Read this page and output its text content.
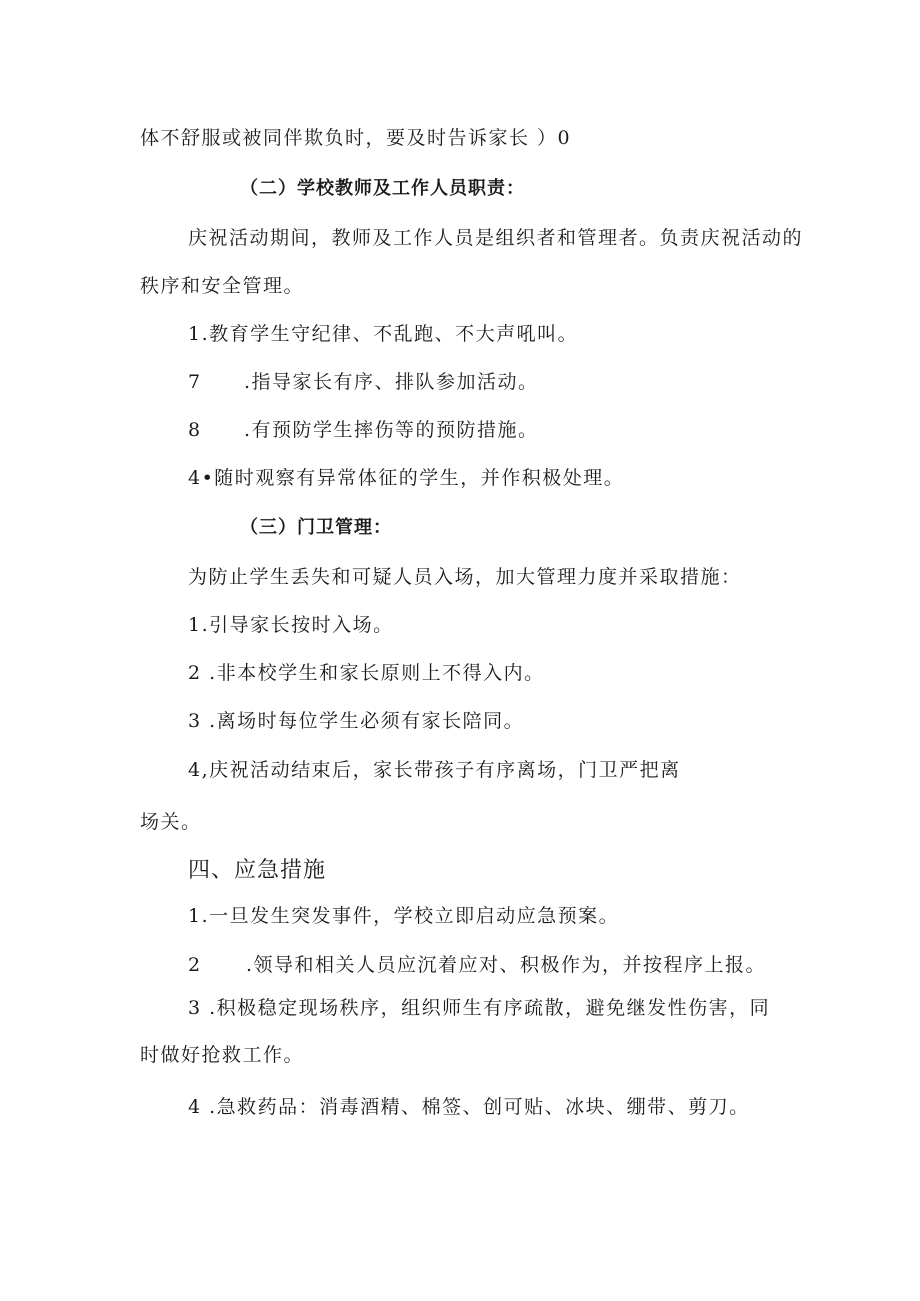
体不舒服或被同伴欺负时，要及时告诉家长 ）0
（二）学校教师及工作人员职责：
庆祝活动期间，教师及工作人员是组织者和管理者。负责庆祝活动的
秩序和安全管理。
1.教育学生守纪律、不乱跑、不大声吼叫。
7 .指导家长有序、排队参加活动。
8 .有预防学生摔伤等的预防措施。
4•随时观察有异常体征的学生，并作积极处理。
（三）门卫管理：
为防止学生丢失和可疑人员入场，加大管理力度并采取措施：
1.引导家长按时入场。
2 .非本校学生和家长原则上不得入内。
3 .离场时每位学生必须有家长陪同。
4,庆祝活动结束后，家长带孩子有序离场，门卫严把离
场关。
四、应急措施
1.一旦发生突发事件，学校立即启动应急预案。
2 .领导和相关人员应沉着应对、积极作为，并按程序上报。
3 .积极稳定现场秩序，组织师生有序疏散，避免继发性伤害，同
时做好抢救工作。
4 .急救药品：消毒酒精、棉签、创可贴、冰块、绷带、剪刀。
